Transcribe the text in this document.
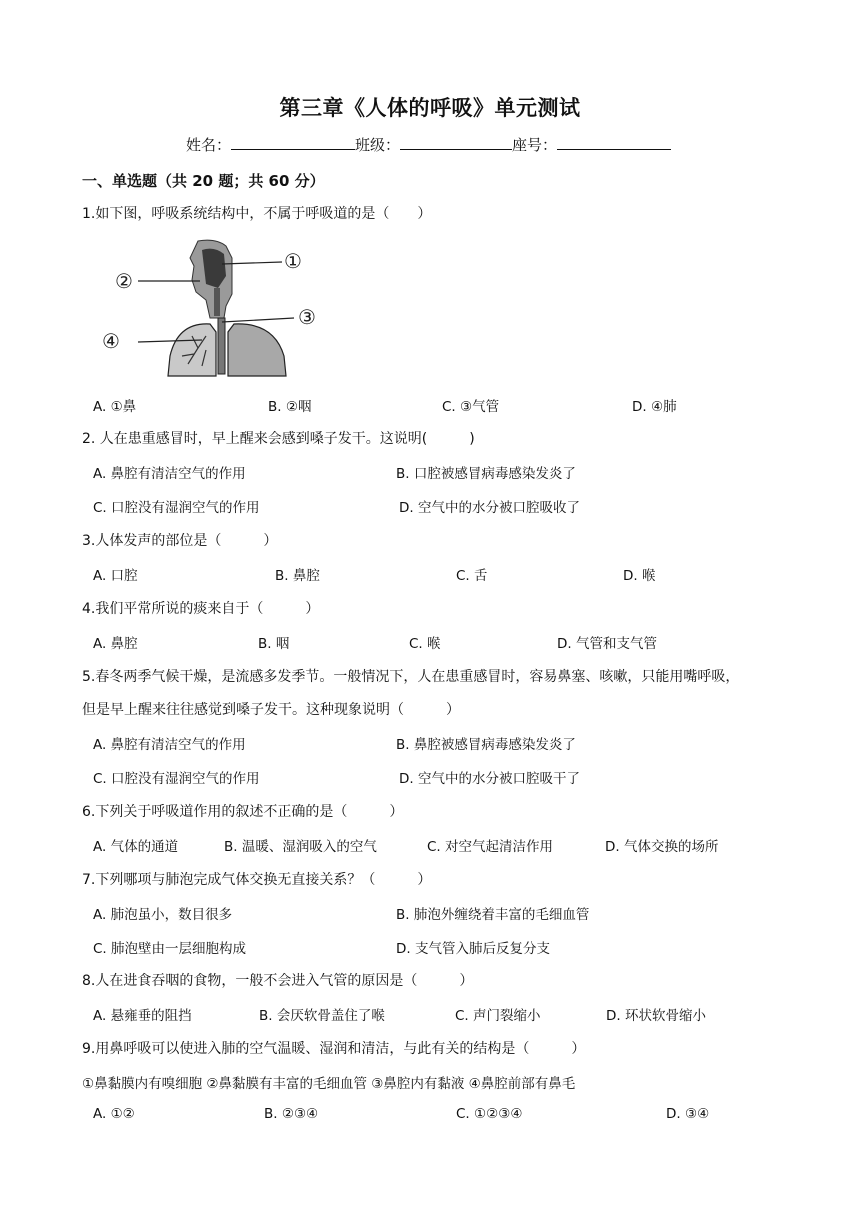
第三章《人体的呼吸》单元测试
姓名：	班级：	座号：
一、单选题（共 20 题；共 60 分）
1.如下图，呼吸系统结构中，不属于呼吸道的是（　　）
①
②
③
④
A. ①鼻	B. ②咽	C. ③气管	D. ④肺
2. 人在患重感冒时，早上醒来会感到嗓子发干。这说明(　　　)
A. 鼻腔有清洁空气的作用	B. 口腔被感冒病毒感染发炎了
C. 口腔没有湿润空气的作用	D. 空气中的水分被口腔吸收了
3.人体发声的部位是（　　　）
A. 口腔	B. 鼻腔	C. 舌	D. 喉
4.我们平常所说的痰来自于（　　　）
A. 鼻腔	B. 咽	C. 喉	D. 气管和支气管
5.春冬两季气候干燥，是流感多发季节。一般情况下，人在患重感冒时，容易鼻塞、咳嗽，只能用嘴呼吸，
但是早上醒来往往感觉到嗓子发干。这种现象说明（　　　）
A. 鼻腔有清洁空气的作用	B. 鼻腔被感冒病毒感染发炎了
C. 口腔没有湿润空气的作用	D. 空气中的水分被口腔吸干了
6.下列关于呼吸道作用的叙述不正确的是（　　　）
A. 气体的通道	B. 温暖、湿润吸入的空气	C. 对空气起清洁作用	D. 气体交换的场所
7.下列哪项与肺泡完成气体交换无直接关系？（　　　）
A. 肺泡虽小，数目很多	B. 肺泡外缠绕着丰富的毛细血管
C. 肺泡壁由一层细胞构成	D. 支气管入肺后反复分支
8.人在进食吞咽的食物，一般不会进入气管的原因是（　　　）
A. 悬雍垂的阻挡	B. 会厌软骨盖住了喉	C. 声门裂缩小	D. 环状软骨缩小
9.用鼻呼吸可以使进入肺的空气温暖、湿润和清洁，与此有关的结构是（　　　）
①鼻黏膜内有嗅细胞 ②鼻黏膜有丰富的毛细血管 ③鼻腔内有黏液 ④鼻腔前部有鼻毛
A. ①②	B. ②③④	C. ①②③④	D. ③④
